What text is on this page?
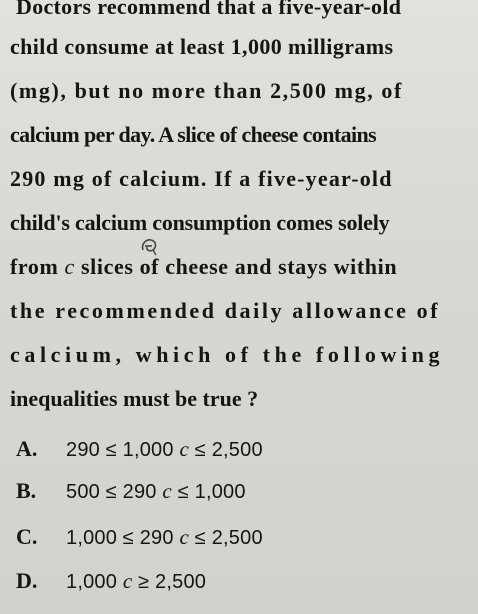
Doctors recommend that a five-year-old
child consume at least 1,000 milligrams
(mg), but no more than 2,500 mg, of
calcium per day. A slice of cheese contains
290 mg of calcium. If a five-year-old
child's calcium consumption comes solely
from c slices of cheese and stays within
the recommended daily allowance of
calcium, which of the following
inequalities must be true ?
A. 290 ≤ 1,000 c ≤ 2,500
B. 500 ≤ 290 c ≤ 1,000
C. 1,000 ≤ 290 c ≤ 2,500
D. 1,000 c ≥ 2,500
